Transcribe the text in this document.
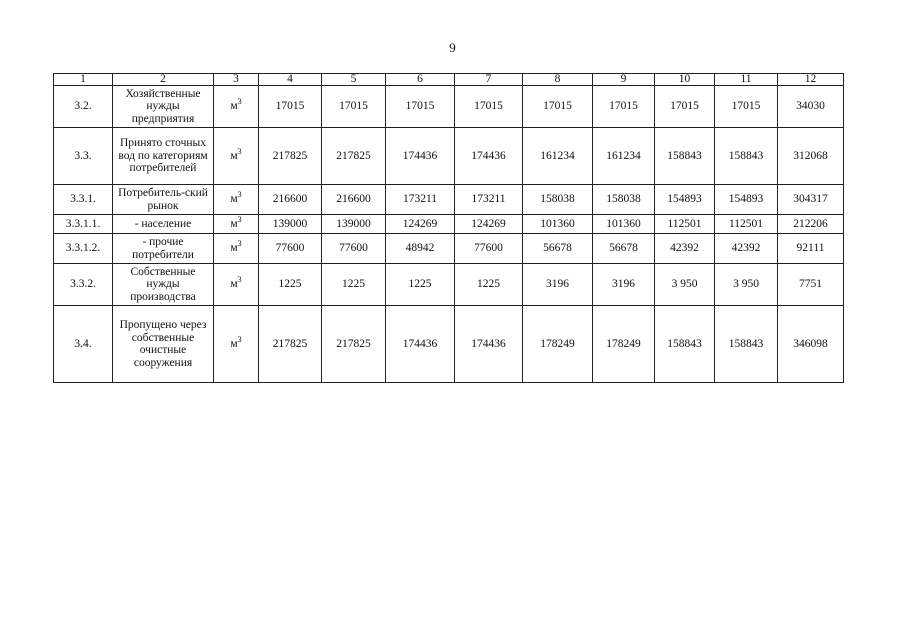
9
1	2	3	4	5	6	7	8	9	10	11	12
3.2.	Хозяйственные нужды предприятия	$м^3$	17015	17015	17015	17015	17015	17015	17015	17015	34030
3.3.	Принято сточных вод по категориям потребителей	$м^3$	217825	217825	174436	174436	161234	161234	158843	158843	312068
3.3.1.	Потребитель-ский рынок	$м^3$	216600	216600	173211	173211	158038	158038	154893	154893	304317
3.3.1.1.	- население	$м^3$	139000	139000	124269	124269	101360	101360	112501	112501	212206
3.3.1.2.	- прочие потребители	$м^3$	77600	77600	48942	77600	56678	56678	42392	42392	92111
3.3.2.	Собственные нужды производства	$м^3$	1225	1225	1225	1225	3196	3196	3 950	3 950	7751
3.4.	Пропущено через собственные очистные сооружения	$м^3$	217825	217825	174436	174436	178249	178249	158843	158843	346098
